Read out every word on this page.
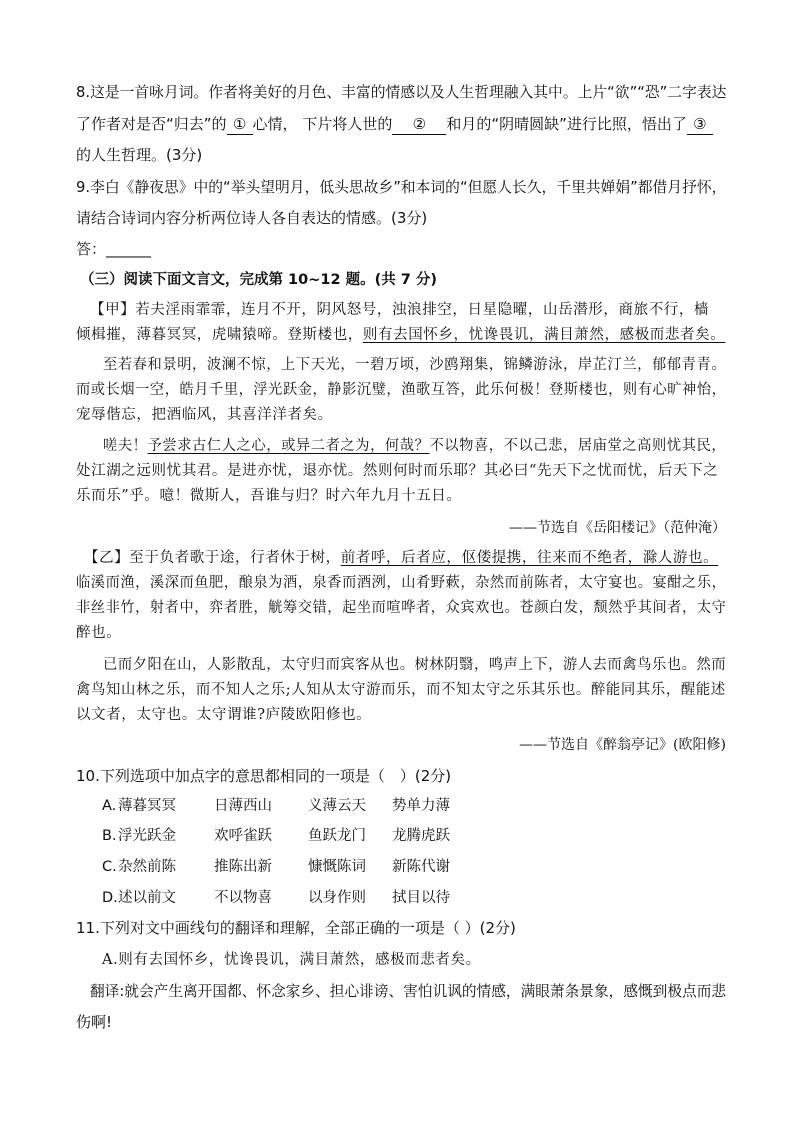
8.这是一首咏月词。作者将美好的月色、丰富的情感以及人生哲理融入其中。上片“欲”“恐”二字表达
了作者对是否“归去”的 ① 心情， 下片将人世的 ② 和月的“阴晴圆缺”进行比照，悟出了 ③
的人生哲理。(3分)
9.李白《静夜思》中的“举头望明月，低头思故乡”和本词的“但愿人长久，千里共婵娟”都借月抒怀，
请结合诗词内容分析两位诗人各自表达的情感。(3分)
答：______
（三）阅读下面文言文，完成第 10~12 题。(共 7 分)
【甲】若夫淫雨霏霏，连月不开，阴风怒号，浊浪排空，日星隐曜，山岳潜形，商旅不行，樯
倾楫摧，薄暮冥冥，虎啸猿啼。登斯楼也，则有去国怀乡，忧谗畏讥，满目萧然，感极而悲者矣。
至若春和景明，波澜不惊，上下天光，一碧万顷，沙鸥翔集，锦鳞游泳，岸芷汀兰，郁郁青青。
而或长烟一空，皓月千里，浮光跃金，静影沉璧，渔歌互答，此乐何极！登斯楼也，则有心旷神怡，
宠辱偕忘，把酒临风，其喜洋洋者矣。
嗟夫！予尝求古仁人之心，或异二者之为，何哉？不以物喜，不以己悲，居庙堂之高则忧其民，
处江湖之远则忧其君。是进亦忧，退亦忧。然则何时而乐耶？其必曰“先天下之忧而忧，后天下之
乐而乐”乎。噫！微斯人，吾谁与归？时六年九月十五日。
——节选自《岳阳楼记》（范仲淹）
【乙】至于负者歌于途，行者休于树，前者呼，后者应，伛偻提携，往来而不绝者，滁人游也。
临溪而渔，溪深而鱼肥，酿泉为酒，泉香而酒洌，山肴野蔌，杂然而前陈者，太守宴也。宴酣之乐，
非丝非竹，射者中，弈者胜，觥筹交错，起坐而喧哗者，众宾欢也。苍颜白发，颓然乎其间者，太守
醉也。
已而夕阳在山，人影散乱，太守归而宾客从也。树林阴翳，鸣声上下，游人去而禽鸟乐也。然而
禽鸟知山林之乐，而不知人之乐;人知从太守游而乐，而不知太守之乐其乐也。醉能同其乐，醒能述
以文者，太守也。太守谓谁?庐陵欧阳修也。
——节选自《醉翁亭记》(欧阳修)
10.下列选项中加点字的意思都相同的一项是（　）(2分)
A. 薄暮冥冥	日薄西山 义薄云天 势单力薄
B. 浮光跃金	欢呼雀跃 鱼跃龙门 龙腾虎跃
C. 杂然前陈	推陈出新 慷慨陈词 新陈代谢
D. 述以前文	不以物喜 以身作则 拭目以待
11.下列对文中画线句的翻译和理解，全部正确的一项是（ ）(2分)
A.则有去国怀乡，忧谗畏讥，满目萧然，感极而悲者矣。
翻译:就会产生离开国都、怀念家乡、担心诽谤、害怕讥讽的情感，满眼萧条景象，感慨到极点而悲
伤啊!
